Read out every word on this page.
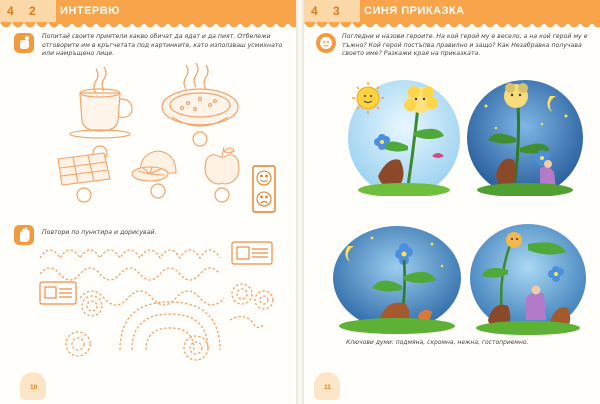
4 2 ИНТЕРВЮ
Попитай своите приятели какво обичат да ядат и да пият. Отбележи отговорите им в кръгчетата под картинките, като използваш усмихнато или намръщено лице.
Повтори по пунктира и дорисувай.
10
4 3 СИНЯ ПРИКАЗКА
Погледни и назови героите. На кой герой му е весело, а на кой герой му е тъжно? Кой герой постъпва правилно и защо? Как Незабравка получава своето име? Разкажи края на приказката.
Ключови думи: подмяна, скромна, нежна, гостоприемно.
11
